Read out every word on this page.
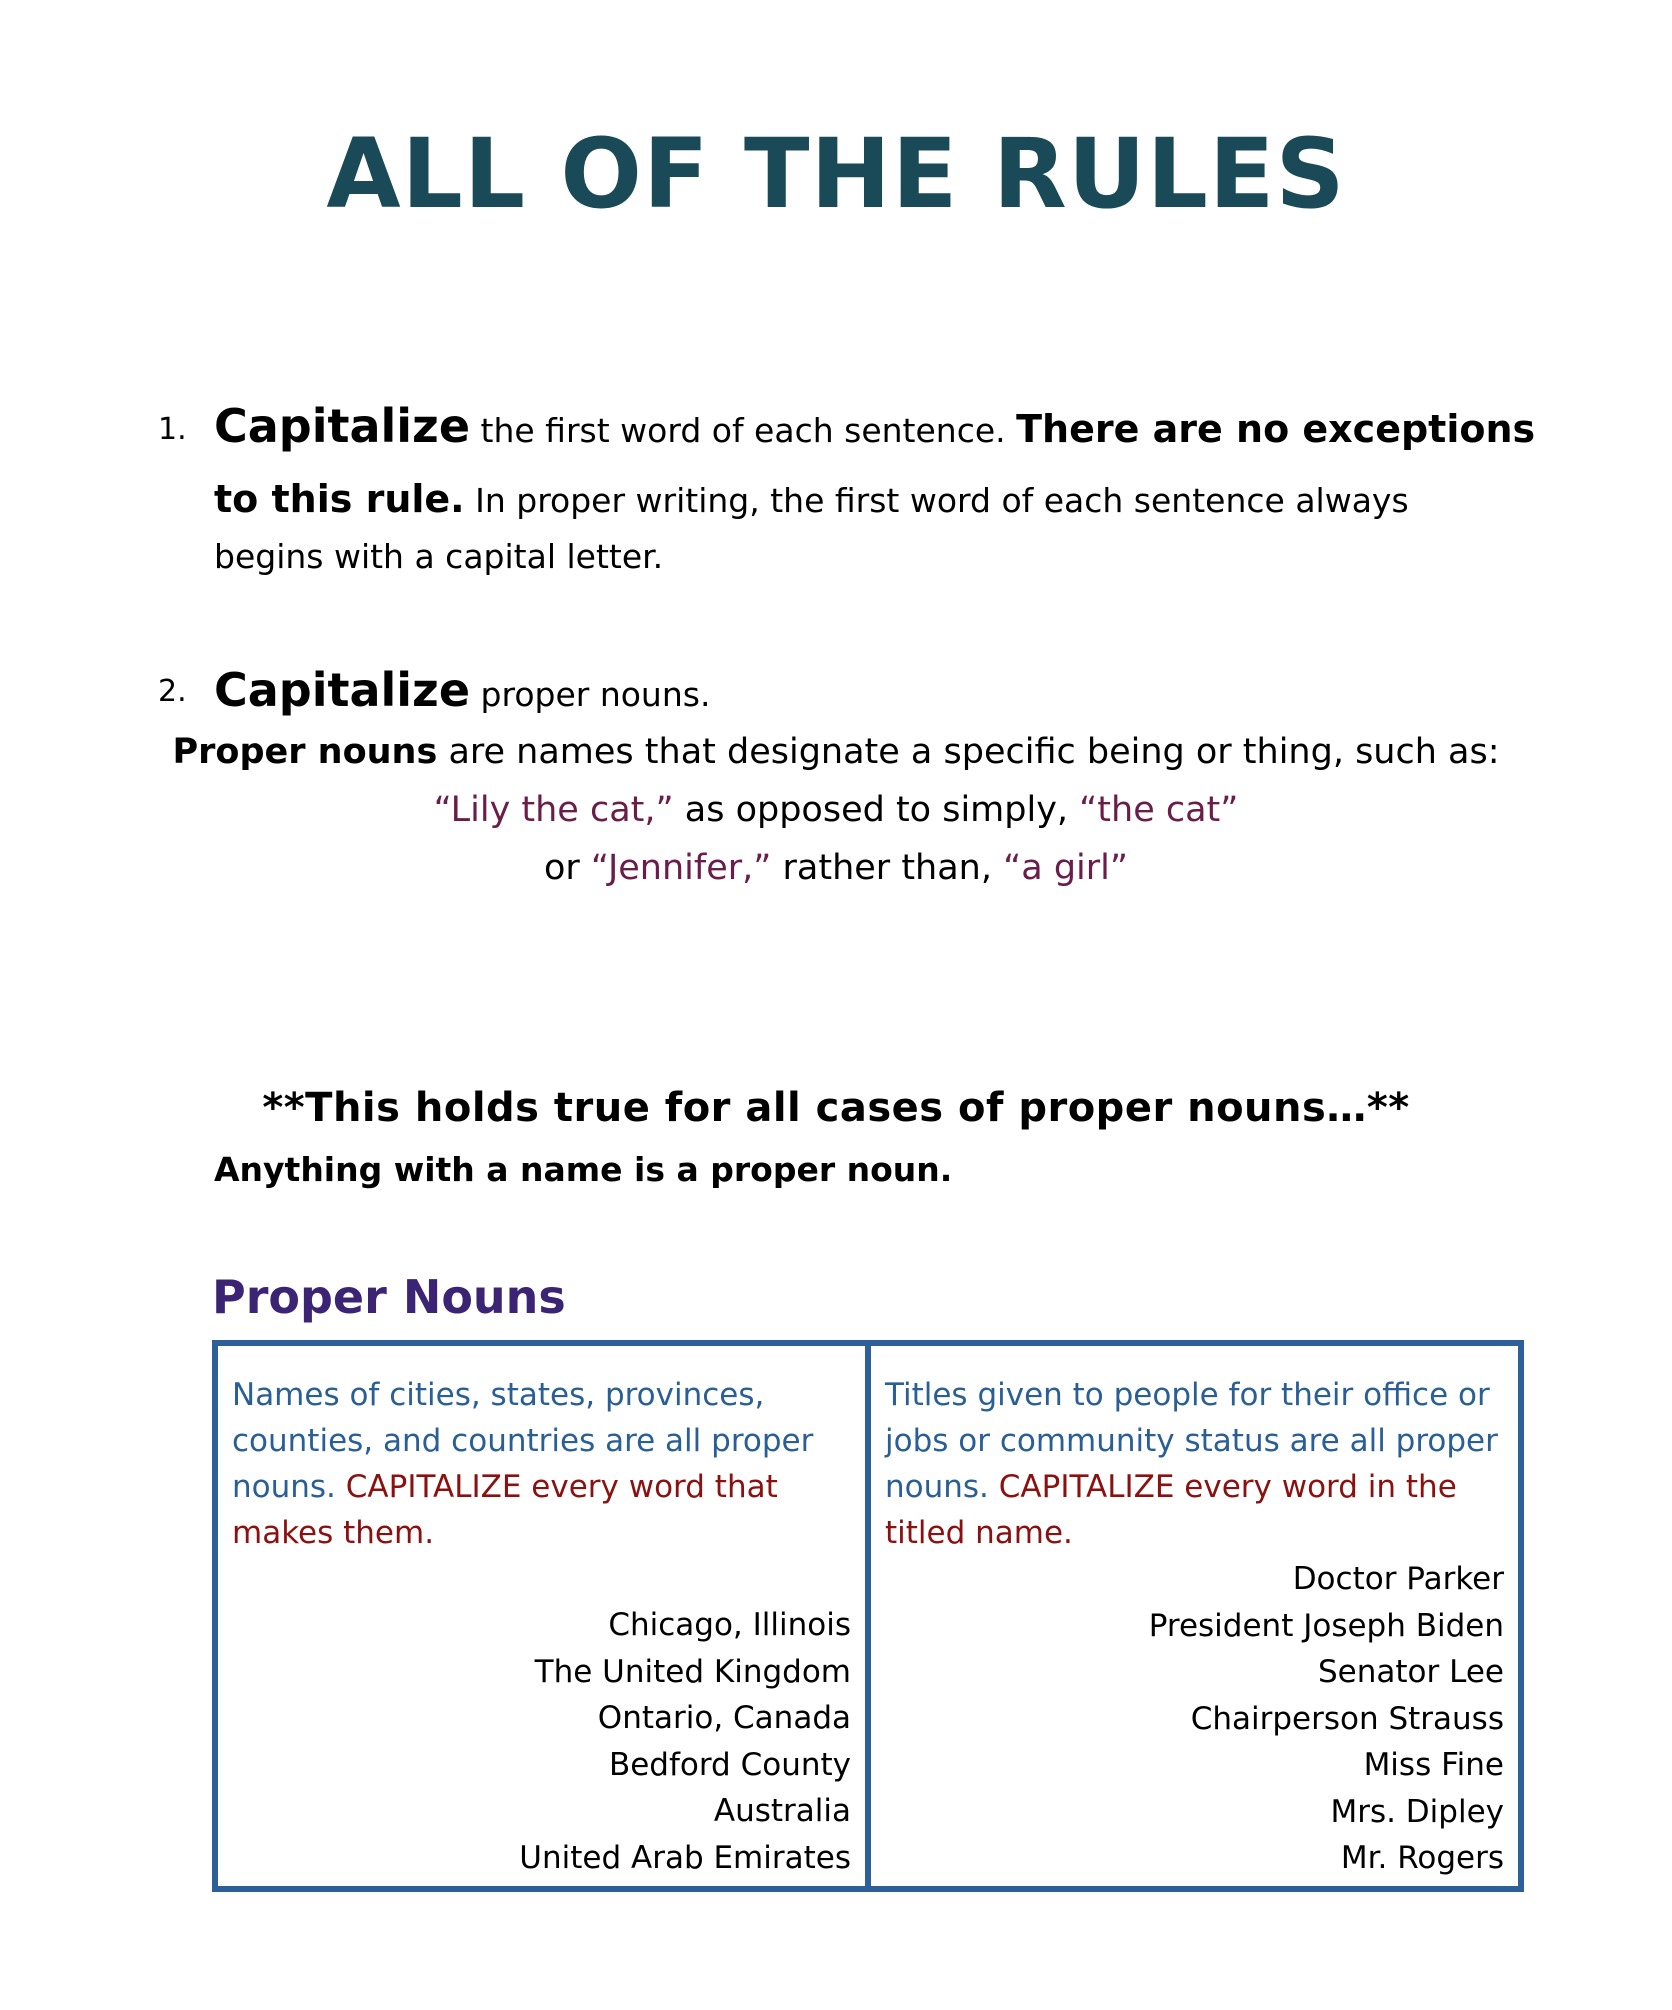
ALL OF THE RULES
1. Capitalize the first word of each sentence. There are no exceptions to this rule. In proper writing, the first word of each sentence always
begins with a capital letter.
2. Capitalize proper nouns.
Proper nouns are names that designate a specific being or thing, such as:
“Lily the cat,” as opposed to simply, “the cat”
or “Jennifer,” rather than, “a girl”
**This holds true for all cases of proper nouns…**
Anything with a name is a proper noun.
Proper Nouns
Names of cities, states, provinces, counties, and countries are all proper nouns. CAPITALIZE every word that makes them.
Chicago, Illinois
The United Kingdom
Ontario, Canada
Bedford County
Australia
United Arab Emirates
Titles given to people for their office or jobs or community status are all proper nouns. CAPITALIZE every word in the titled name.
Doctor Parker
President Joseph Biden
Senator Lee
Chairperson Strauss
Miss Fine
Mrs. Dipley
Mr. Rogers
